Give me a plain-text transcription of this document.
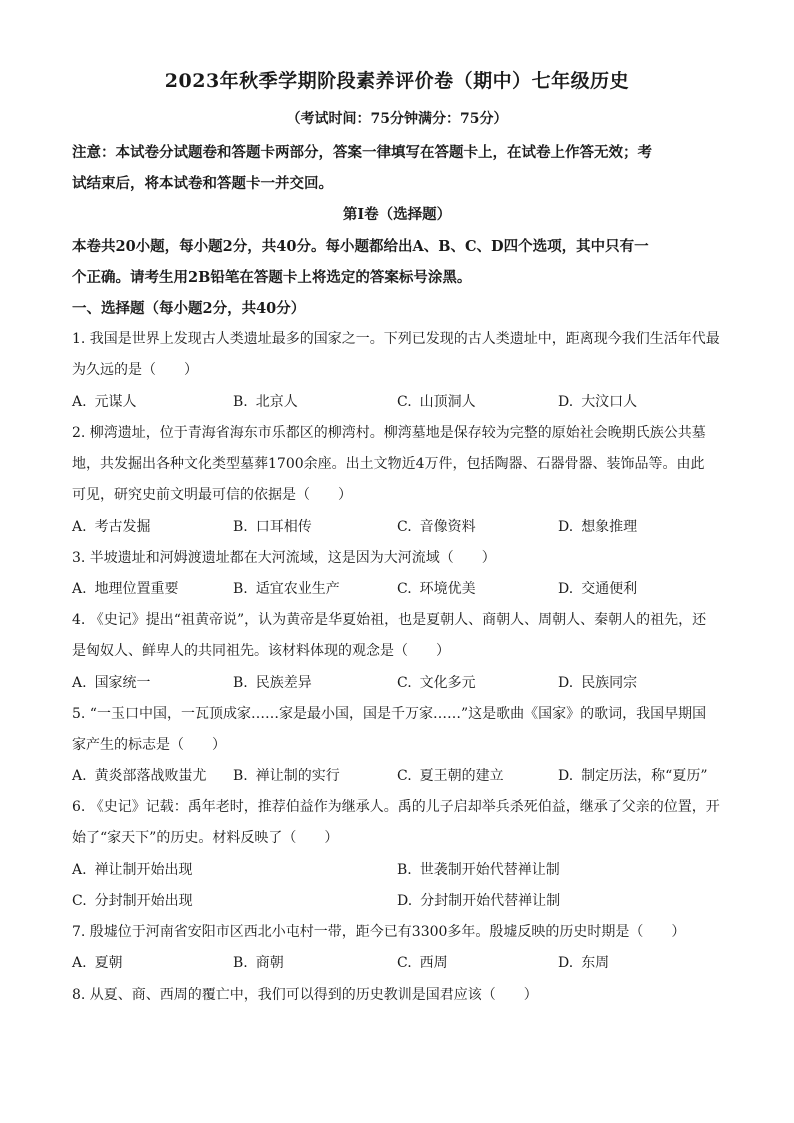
2023年秋季学期阶段素养评价卷（期中）七年级历史
（考试时间：75分钟满分：75分）
注意：本试卷分试题卷和答题卡两部分，答案一律填写在答题卡上，在试卷上作答无效；考
试结束后，将本试卷和答题卡一并交回。
第Ⅰ卷（选择题）
本卷共20小题，每小题2分，共40分。每小题都给出A、B、C、D四个选项，其中只有一
个正确。请考生用2B铅笔在答题卡上将选定的答案标号涂黑。
一、选择题（每小题2分，共40分）
1. 我国是世界上发现古人类遗址最多的国家之一。下列已发现的古人类遗址中，距离现今我们生活年代最
为久远的是（　　）
A. 元谋人	B. 北京人	C. 山顶洞人	D. 大汶口人
2. 柳湾遗址，位于青海省海东市乐都区的柳湾村。柳湾墓地是保存较为完整的原始社会晚期氏族公共墓
地，共发掘出各种文化类型墓葬1700余座。出土文物近4万件，包括陶器、石器骨器、装饰品等。由此
可见，研究史前文明最可信的依据是（　　）
A. 考古发掘	B. 口耳相传	C. 音像资料	D. 想象推理
3. 半坡遗址和河姆渡遗址都在大河流域，这是因为大河流域（　　）
A. 地理位置重要	B. 适宜农业生产	C. 环境优美	D. 交通便利
4. 《史记》提出“祖黄帝说”，认为黄帝是华夏始祖，也是夏朝人、商朝人、周朝人、秦朝人的祖先，还
是匈奴人、鲜卑人的共同祖先。该材料体现的观念是（　　）
A. 国家统一	B. 民族差异	C. 文化多元	D. 民族同宗
5. “一玉口中国，一瓦顶成家……家是最小国，国是千万家……”这是歌曲《国家》的歌词，我国早期国
家产生的标志是（　　）
A. 黄炎部落战败蚩尤 B. 禅让制的实行	C. 夏王朝的建立	D. 制定历法，称“夏历”
6. 《史记》记载：禹年老时，推荐伯益作为继承人。禹的儿子启却举兵杀死伯益，继承了父亲的位置，开
始了“家天下”的历史。材料反映了（　　）
A. 禅让制开始出现	B. 世袭制开始代替禅让制
C. 分封制开始出现	D. 分封制开始代替禅让制
7. 殷墟位于河南省安阳市区西北小屯村一带，距今已有3300多年。殷墟反映的历史时期是（　　）
A. 夏朝	B. 商朝	C. 西周	D. 东周
8. 从夏、商、西周的覆亡中，我们可以得到的历史教训是国君应该（　　）
